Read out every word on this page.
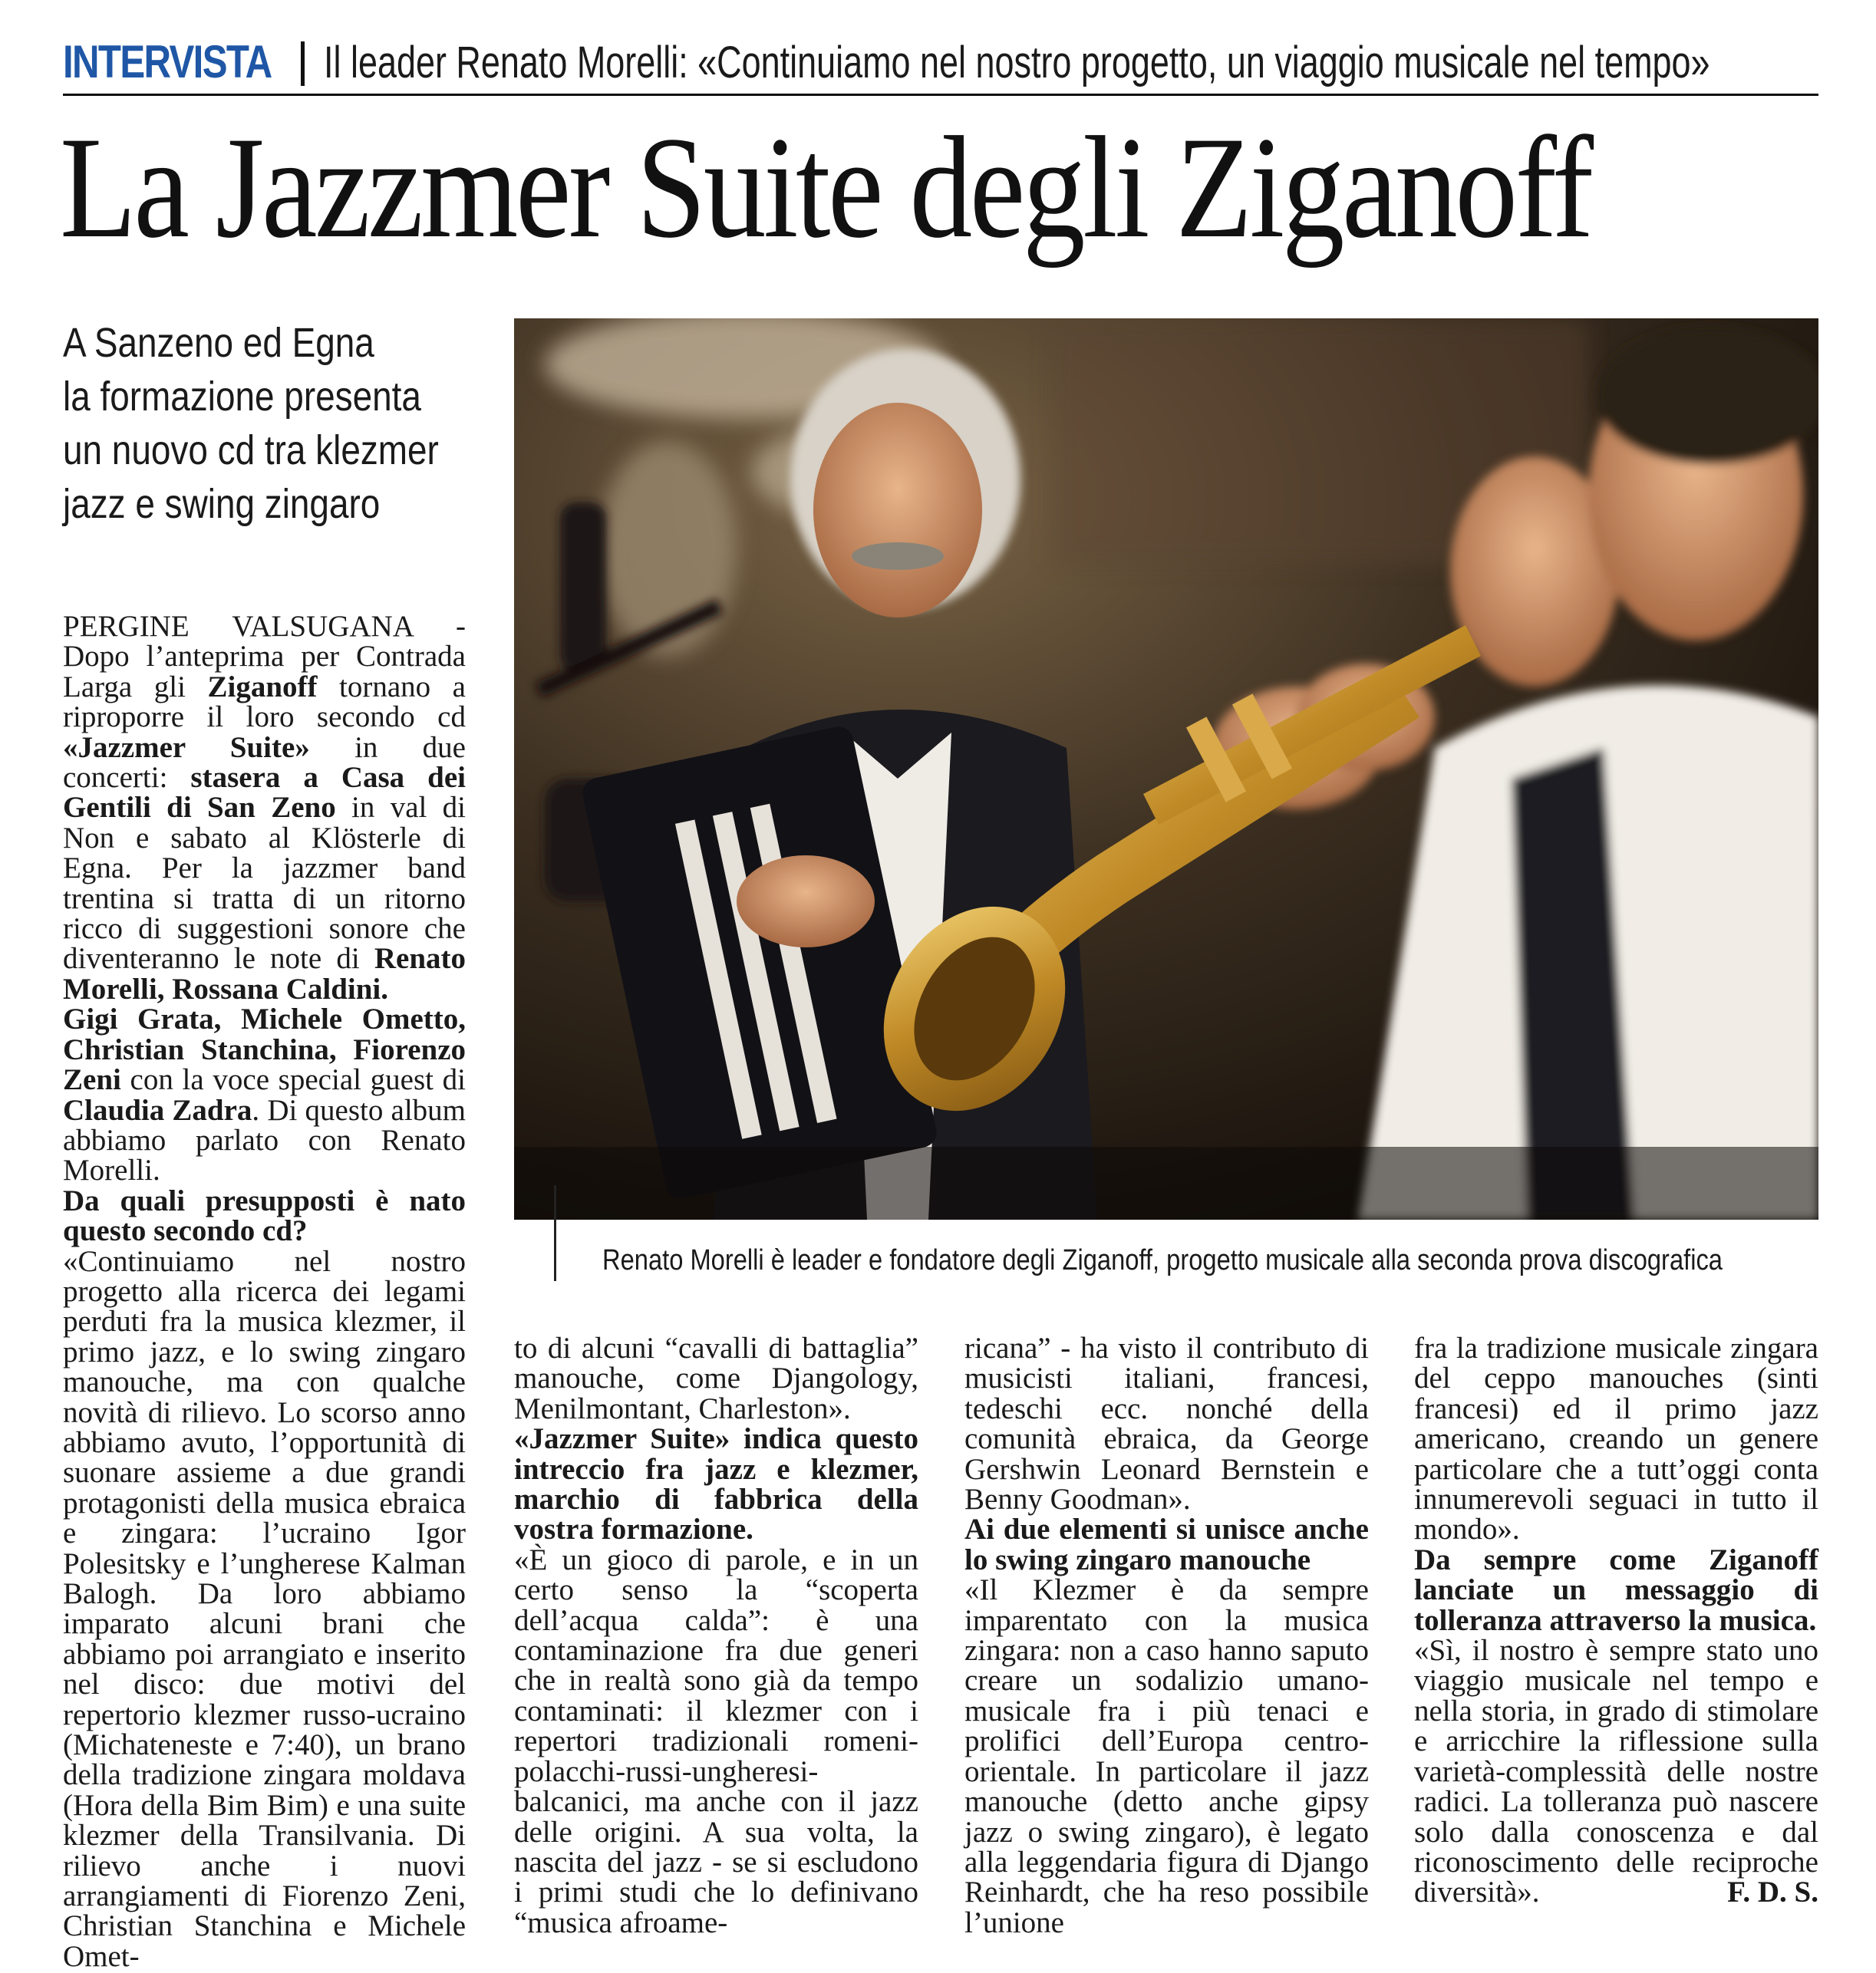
INTERVISTA Il leader Renato Morelli: «Continuiamo nel nostro progetto, un viaggio musicale nel tempo»
La Jazzmer Suite degli Ziganoff
A Sanzeno ed Egna
la formazione presenta
un nuovo cd tra klezmer
jazz e swing zingaro
Renato Morelli è leader e fondatore degli Ziganoff, progetto musicale alla seconda prova discografica

PERGINE VALSUGANA - Dopo l’anteprima per Contrada Larga gli Ziganoff tornano a riproporre il loro secondo cd «Jazzmer Suite» in due concerti: stasera a Casa dei Gentili di San Zeno in val di Non e sabato al Klösterle di Egna. Per la jazzmer band trentina si tratta di un ritorno ricco di suggestioni sonore che diventeranno le note di Renato Morelli, Rossana Caldini.
Gigi Grata, Michele Ometto, Christian Stanchina, Fiorenzo Zeni con la voce special guest di Claudia Zadra. Di questo album abbiamo parlato con Renato Morelli.

Da quali presupposti è nato questo secondo cd?

«Continuiamo nel nostro progetto alla ricerca dei legami perduti fra la musica klezmer, il primo jazz, e lo swing zingaro manouche, ma con qualche novità di rilievo. Lo scorso anno abbiamo avuto, l’opportunità di suonare assieme a due grandi protagonisti della musica ebraica e zingara: l’ucraino Igor Polesitsky e l’ungherese Kalman Balogh. Da loro abbiamo imparato alcuni brani che abbiamo poi arrangiato e inserito nel disco: due motivi del repertorio klezmer russo-ucraino (Michateneste e 7:40), un brano della tradizione zingara moldava (Hora della Bim Bim) e una suite klezmer della Transilvania. Di rilievo anche i nuovi arrangiamenti di Fiorenzo Zeni, Christian Stanchina e Michele Omet-

to di alcuni “cavalli di battaglia” manouche, come Djangology, Menilmontant, Charleston».

«Jazzmer Suite» indica questo intreccio fra jazz e klezmer, marchio di fabbrica della vostra formazione.

«È un gioco di parole, e in un certo senso la “scoperta dell’acqua calda”: è una contaminazione fra due generi che in realtà sono già da tempo contaminati: il klezmer con i repertori tradizionali romeni-polacchi-russi-ungheresi-balcanici, ma anche con il jazz delle origini. A sua volta, la nascita del jazz - se si escludono i primi studi che lo definivano “musica afroame-

ricana” - ha visto il contributo di musicisti italiani, francesi, tedeschi ecc. nonché della comunità ebraica, da George Gershwin Leonard Bernstein e Benny Goodman».

Ai due elementi si unisce anche lo swing zingaro manouche

«Il Klezmer è da sempre imparentato con la musica zingara: non a caso hanno saputo creare un sodalizio umano-musicale fra i più tenaci e prolifici dell’Europa centro-orientale. In particolare il jazz manouche (detto anche gipsy jazz o swing zingaro), è legato alla leggendaria figura di Django Reinhardt, che ha reso possibile l’unione

fra la tradizione musicale zingara del ceppo manouches (sinti francesi) ed il primo jazz americano, creando un genere particolare che a tutt’oggi conta innumerevoli seguaci in tutto il mondo».

Da sempre come Ziganoff lanciate un messaggio di tolleranza attraverso la musica.

«Sì, il nostro è sempre stato uno viaggio musicale nel tempo e nella storia, in grado di stimolare e arricchire la riflessione sulla varietà-complessità delle nostre radici. La tolleranza può nascere solo dalla conoscenza e dal riconoscimento delle reciproche diversità».	F. D. S.
